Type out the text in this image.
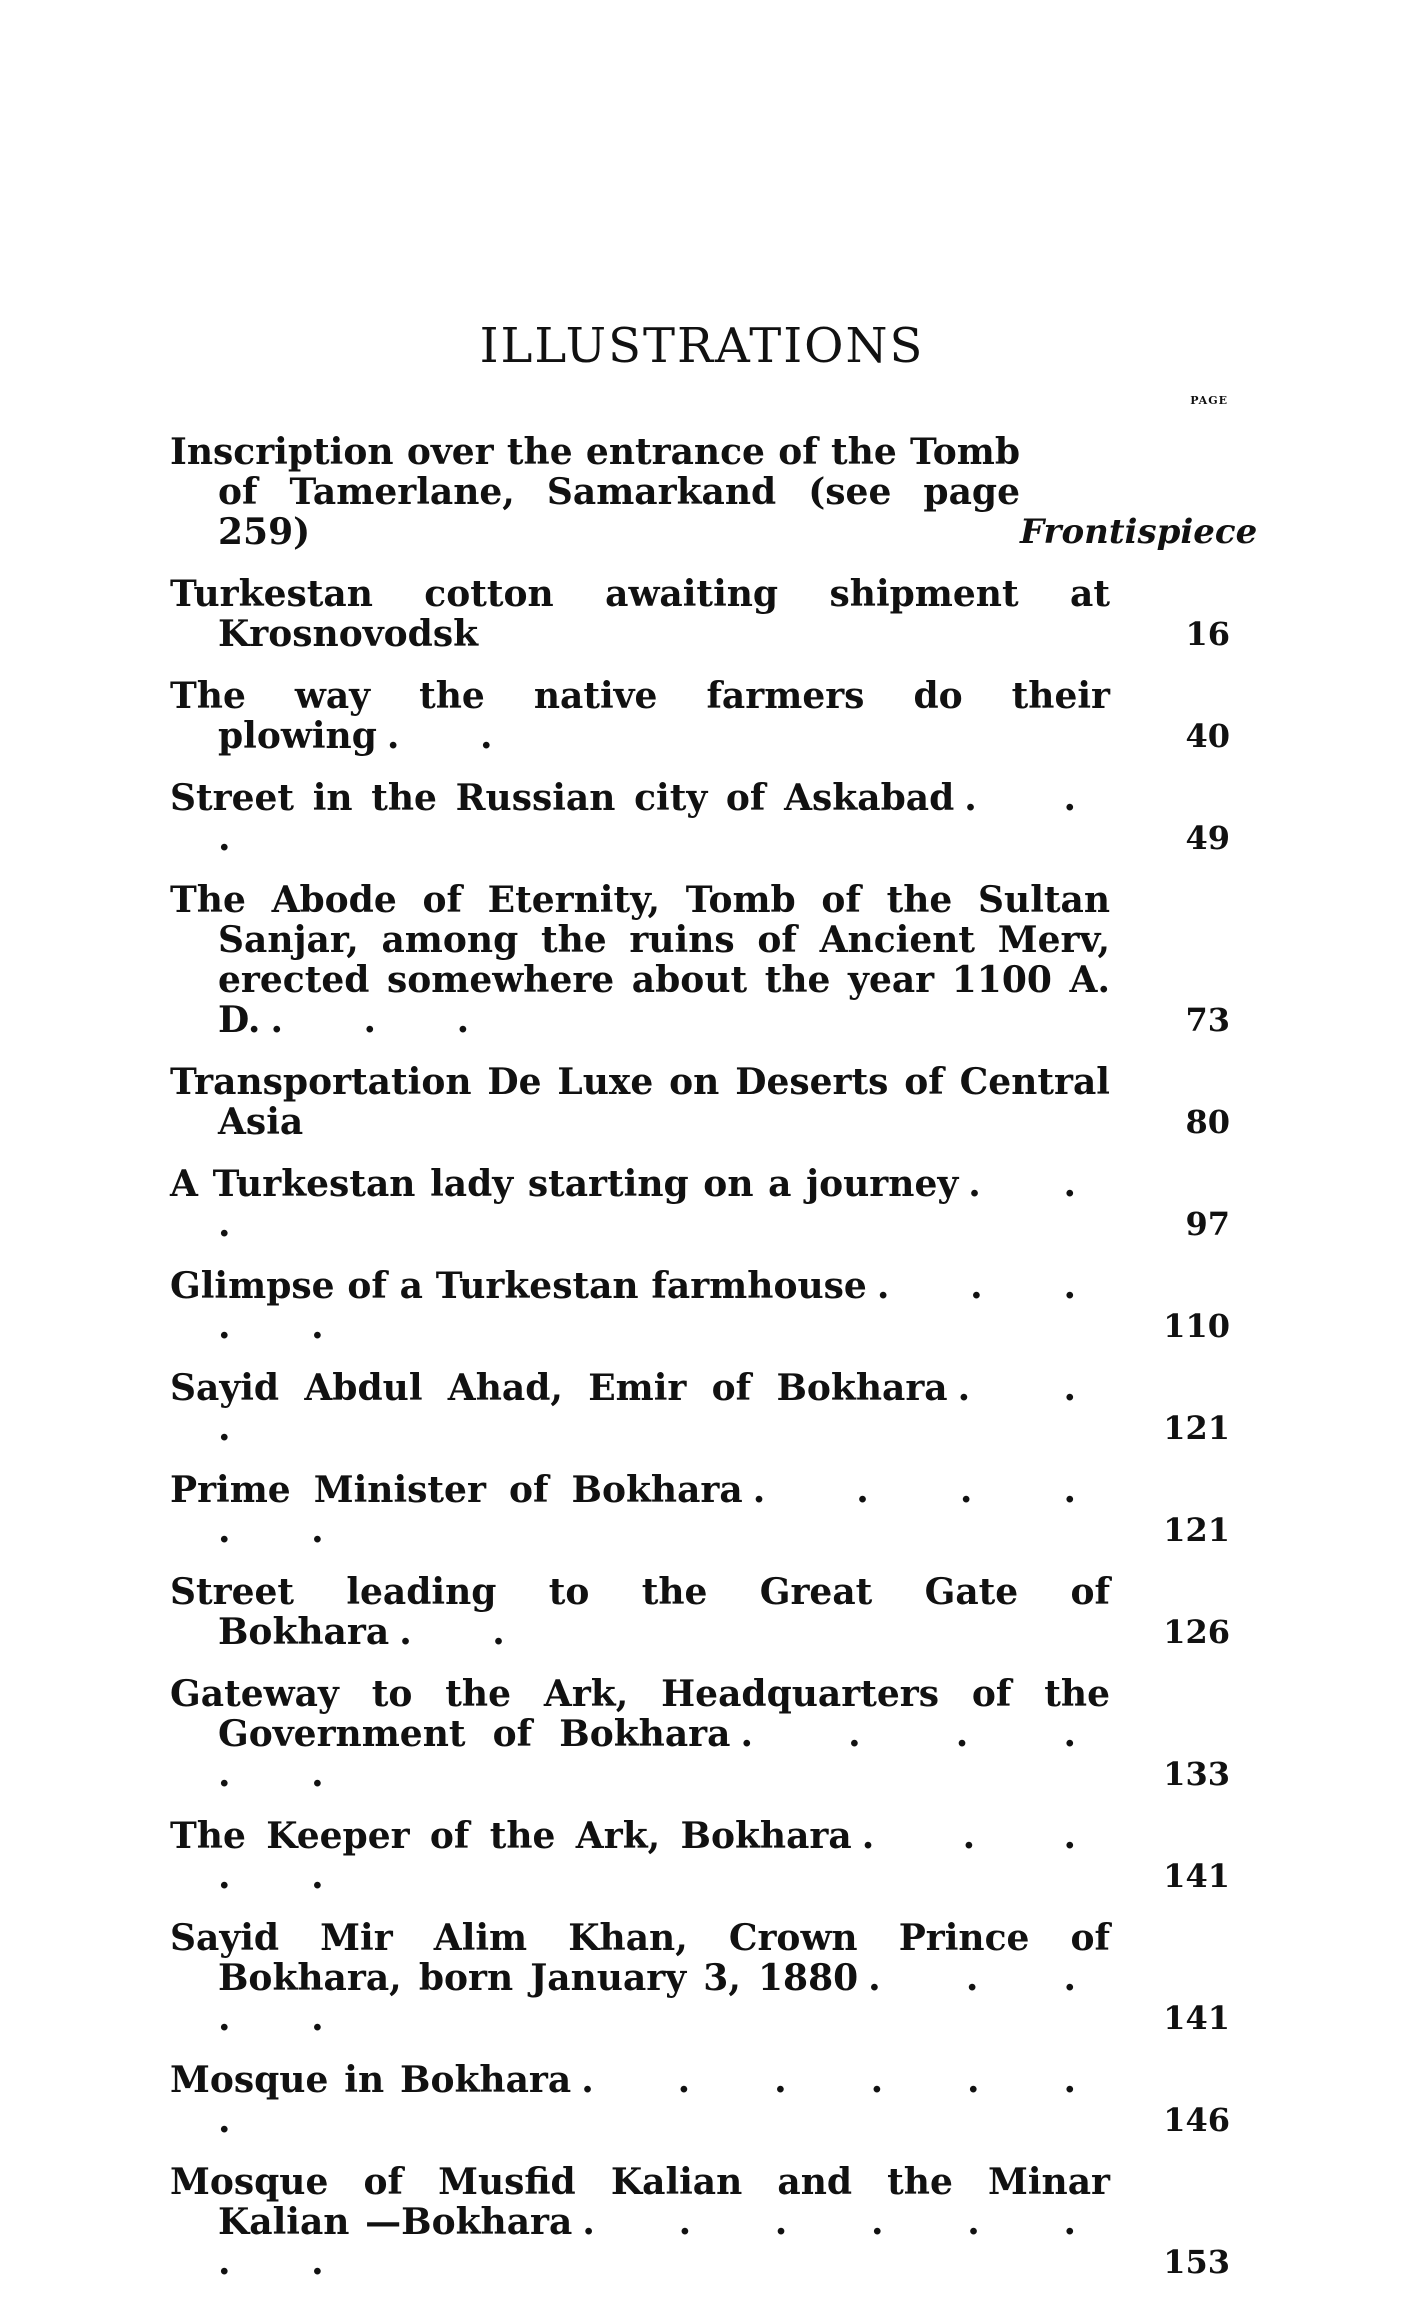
ILLUSTRATIONS
PAGE
Inscription over the entrance of the Tomb of Tamerlane, Samarkand (see page 259)	Frontispiece
Turkestan cotton awaiting shipment at Krosnovodsk	16
The way the native farmers do their plowing . .	40
Street in the Russian city of Askabad . . .	49
The Abode of Eternity, Tomb of the Sultan Sanjar, among the ruins of Ancient Merv, erected somewhere about the year 1100 A. D. . . .	73
Transportation De Luxe on Deserts of Central Asia	80
A Turkestan lady starting on a journey . . .	97
Glimpse of a Turkestan farmhouse . . . . .	110
Sayid Abdul Ahad, Emir of Bokhara . . .	121
Prime Minister of Bokhara . . . . . .	121
Street leading to the Great Gate of Bokhara . .	126
Gateway to the Ark, Headquarters of the Government of Bokhara . . . . . .	133
The Keeper of the Ark, Bokhara . . . . .	141
Sayid Mir Alim Khan, Crown Prince of Bokhara, born January 3, 1880 . . . . .	141
Mosque in Bokhara . . . . . . .	146
Mosque of Musfid Kalian and the Minar Kalian —Bokhara . . . . . . . .	153
